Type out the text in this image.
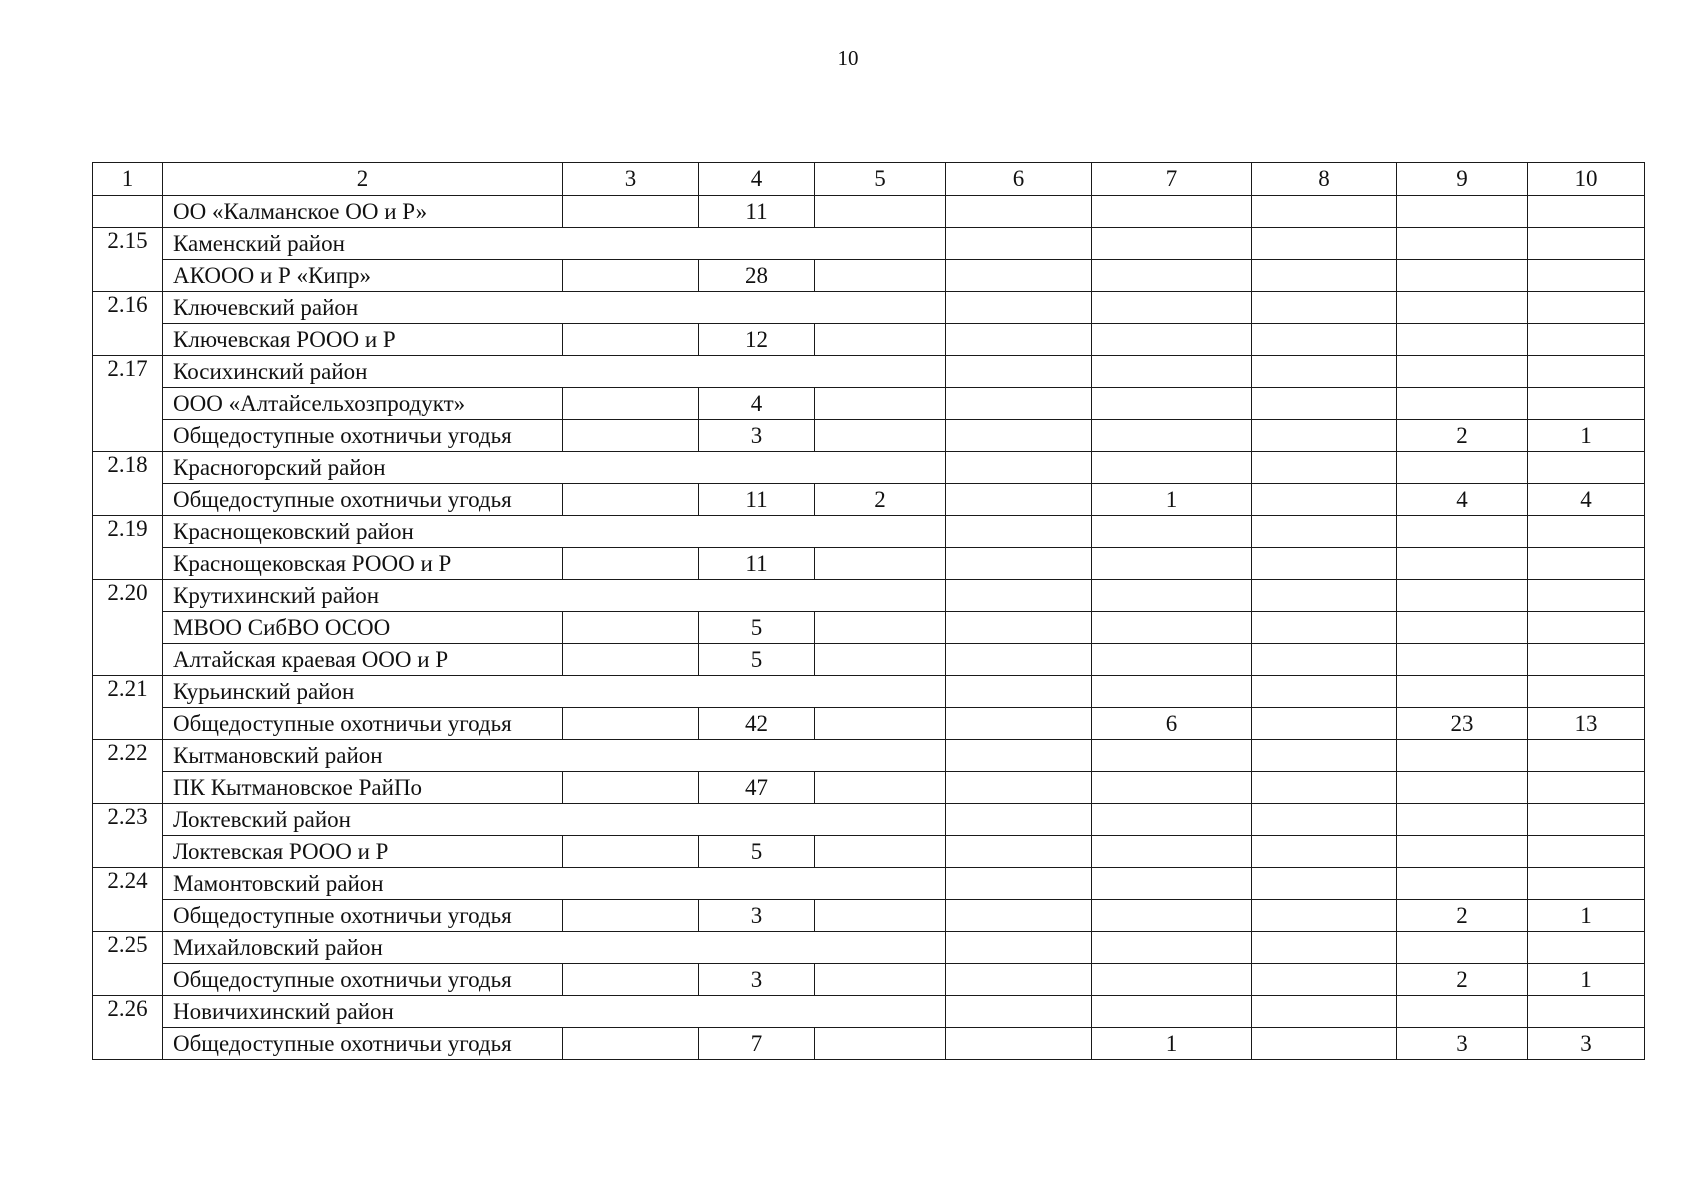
10
1	2	3	4	5	6	7	8	9	10
	ОО «Калманское ОО и Р»		11						
2.15	Каменский район								
	АКООО и Р «Кипр»		28						
2.16	Ключевский район								
	Ключевская РООО и Р		12						
2.17	Косихинский район								
	ООО «Алтайсельхозпродукт»		4						
	Общедоступные охотничьи угодья		3					2	1
2.18	Красногорский район								
	Общедоступные охотничьи угодья		11	2		1		4	4
2.19	Краснощековский район								
	Краснощековская РООО и Р		11						
2.20	Крутихинский район								
	МВОО СибВО ОСОО		5						
	Алтайская краевая ООО и Р		5						
2.21	Курьинский район								
	Общедоступные охотничьи угодья		42			6		23	13
2.22	Кытмановский район								
	ПК Кытмановское РайПо		47						
2.23	Локтевский район								
	Локтевская РООО и Р		5						
2.24	Мамонтовский район								
	Общедоступные охотничьи угодья		3					2	1
2.25	Михайловский район								
	Общедоступные охотничьи угодья		3					2	1
2.26	Новичихинский район								
	Общедоступные охотничьи угодья		7			1		3	3
